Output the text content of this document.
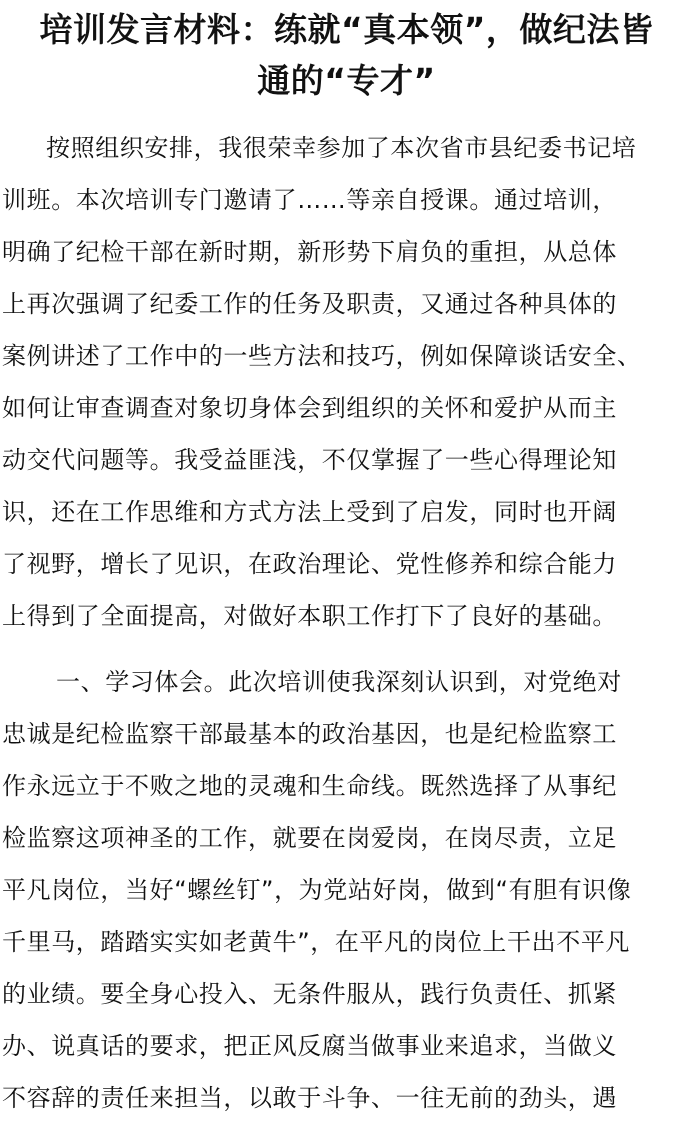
培训发言材料：练就“真本领”，做纪法皆
通的“专才”
按照组织安排，我很荣幸参加了本次省市县纪委书记培
训班。本次培训专门邀请了……等亲自授课。通过培训，
明确了纪检干部在新时期，新形势下肩负的重担，从总体
上再次强调了纪委工作的任务及职责，又通过各种具体的
案例讲述了工作中的一些方法和技巧，例如保障谈话安全、
如何让审查调查对象切身体会到组织的关怀和爱护从而主
动交代问题等。我受益匪浅，不仅掌握了一些心得理论知
识，还在工作思维和方式方法上受到了启发，同时也开阔
了视野，增长了见识，在政治理论、党性修养和综合能力
上得到了全面提高，对做好本职工作打下了良好的基础。
一、学习体会。此次培训使我深刻认识到，对党绝对
忠诚是纪检监察干部最基本的政治基因，也是纪检监察工
作永远立于不败之地的灵魂和生命线。既然选择了从事纪
检监察这项神圣的工作，就要在岗爱岗，在岗尽责，立足
平凡岗位，当好“螺丝钉”，为党站好岗，做到“有胆有识像
千里马，踏踏实实如老黄牛”，在平凡的岗位上干出不平凡
的业绩。要全身心投入、无条件服从，践行负责任、抓紧
办、说真话的要求，把正风反腐当做事业来追求，当做义
不容辞的责任来担当，以敢于斗争、一往无前的劲头，遇
